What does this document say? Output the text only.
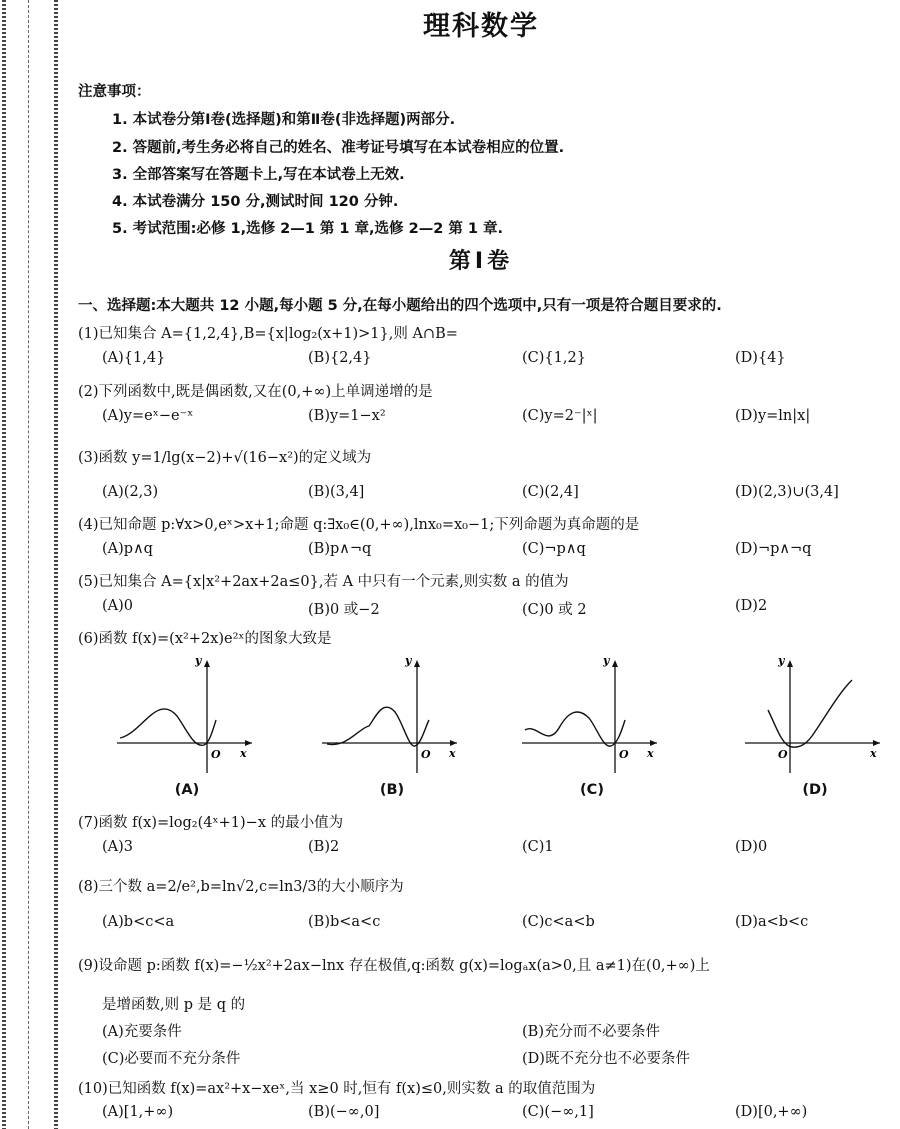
理科数学
注意事项：
1. 本试卷分第Ⅰ卷(选择题)和第Ⅱ卷(非选择题)两部分.
2. 答题前,考生务必将自己的姓名、准考证号填写在本试卷相应的位置.
3. 全部答案写在答题卡上,写在本试卷上无效.
4. 本试卷满分 150 分,测试时间 120 分钟.
5. 考试范围:必修 1,选修 2—1 第 1 章,选修 2—2 第 1 章.
第Ⅰ卷
一、选择题:本大题共 12 小题,每小题 5 分,在每小题给出的四个选项中,只有一项是符合题目要求的.
(1)已知集合 A={1,2,4},B={x|log₂(x+1)>1},则 A∩B=
(A){1,4}	(B){2,4}	(C){1,2}	(D){4}
(2)下列函数中,既是偶函数,又在(0,+∞)上单调递增的是
(A)y=eˣ−e⁻ˣ	(B)y=1−x²	(C)y=2⁻|ˣ|	(D)y=ln|x|
(3)函数 y=1/lg(x−2)+√(16−x²)的定义域为
(A)(2,3)	(B)(3,4]	(C)(2,4]	(D)(2,3)∪(3,4]
(4)已知命题 p:∀x>0,eˣ>x+1;命题 q:∃x₀∈(0,+∞),lnx₀=x₀−1;下列命题为真命题的是
(A)p∧q	(B)p∧¬q	(C)¬p∧q	(D)¬p∧¬q
(5)已知集合 A={x|x²+2ax+2a≤0},若 A 中只有一个元素,则实数 a 的值为
(A)0	(B)0 或−2	(C)0 或 2	(D)2
(6)函数 f(x)=(x²+2x)e²ˣ的图象大致是
y
x
O
(A)
y
x
O
(B)
y
x
O
(C)
y
x
O
(D)
(7)函数 f(x)=log₂(4ˣ+1)−x 的最小值为
(A)3	(B)2	(C)1	(D)0
(8)三个数 a=2/e²,b=ln√2,c=ln3/3的大小顺序为
(A)b<c<a	(B)b<a<c	(C)c<a<b	(D)a<b<c
(9)设命题 p:函数 f(x)=−½x²+2ax−lnx 存在极值,q:函数 g(x)=logₐx(a>0,且 a≠1)在(0,+∞)上
是增函数,则 p 是 q 的
(A)充要条件	(B)充分而不必要条件
(C)必要而不充分条件	(D)既不充分也不必要条件
(10)已知函数 f(x)=ax²+x−xeˣ,当 x≥0 时,恒有 f(x)≤0,则实数 a 的取值范围为
(A)[1,+∞)	(B)(−∞,0]	(C)(−∞,1]	(D)[0,+∞)
